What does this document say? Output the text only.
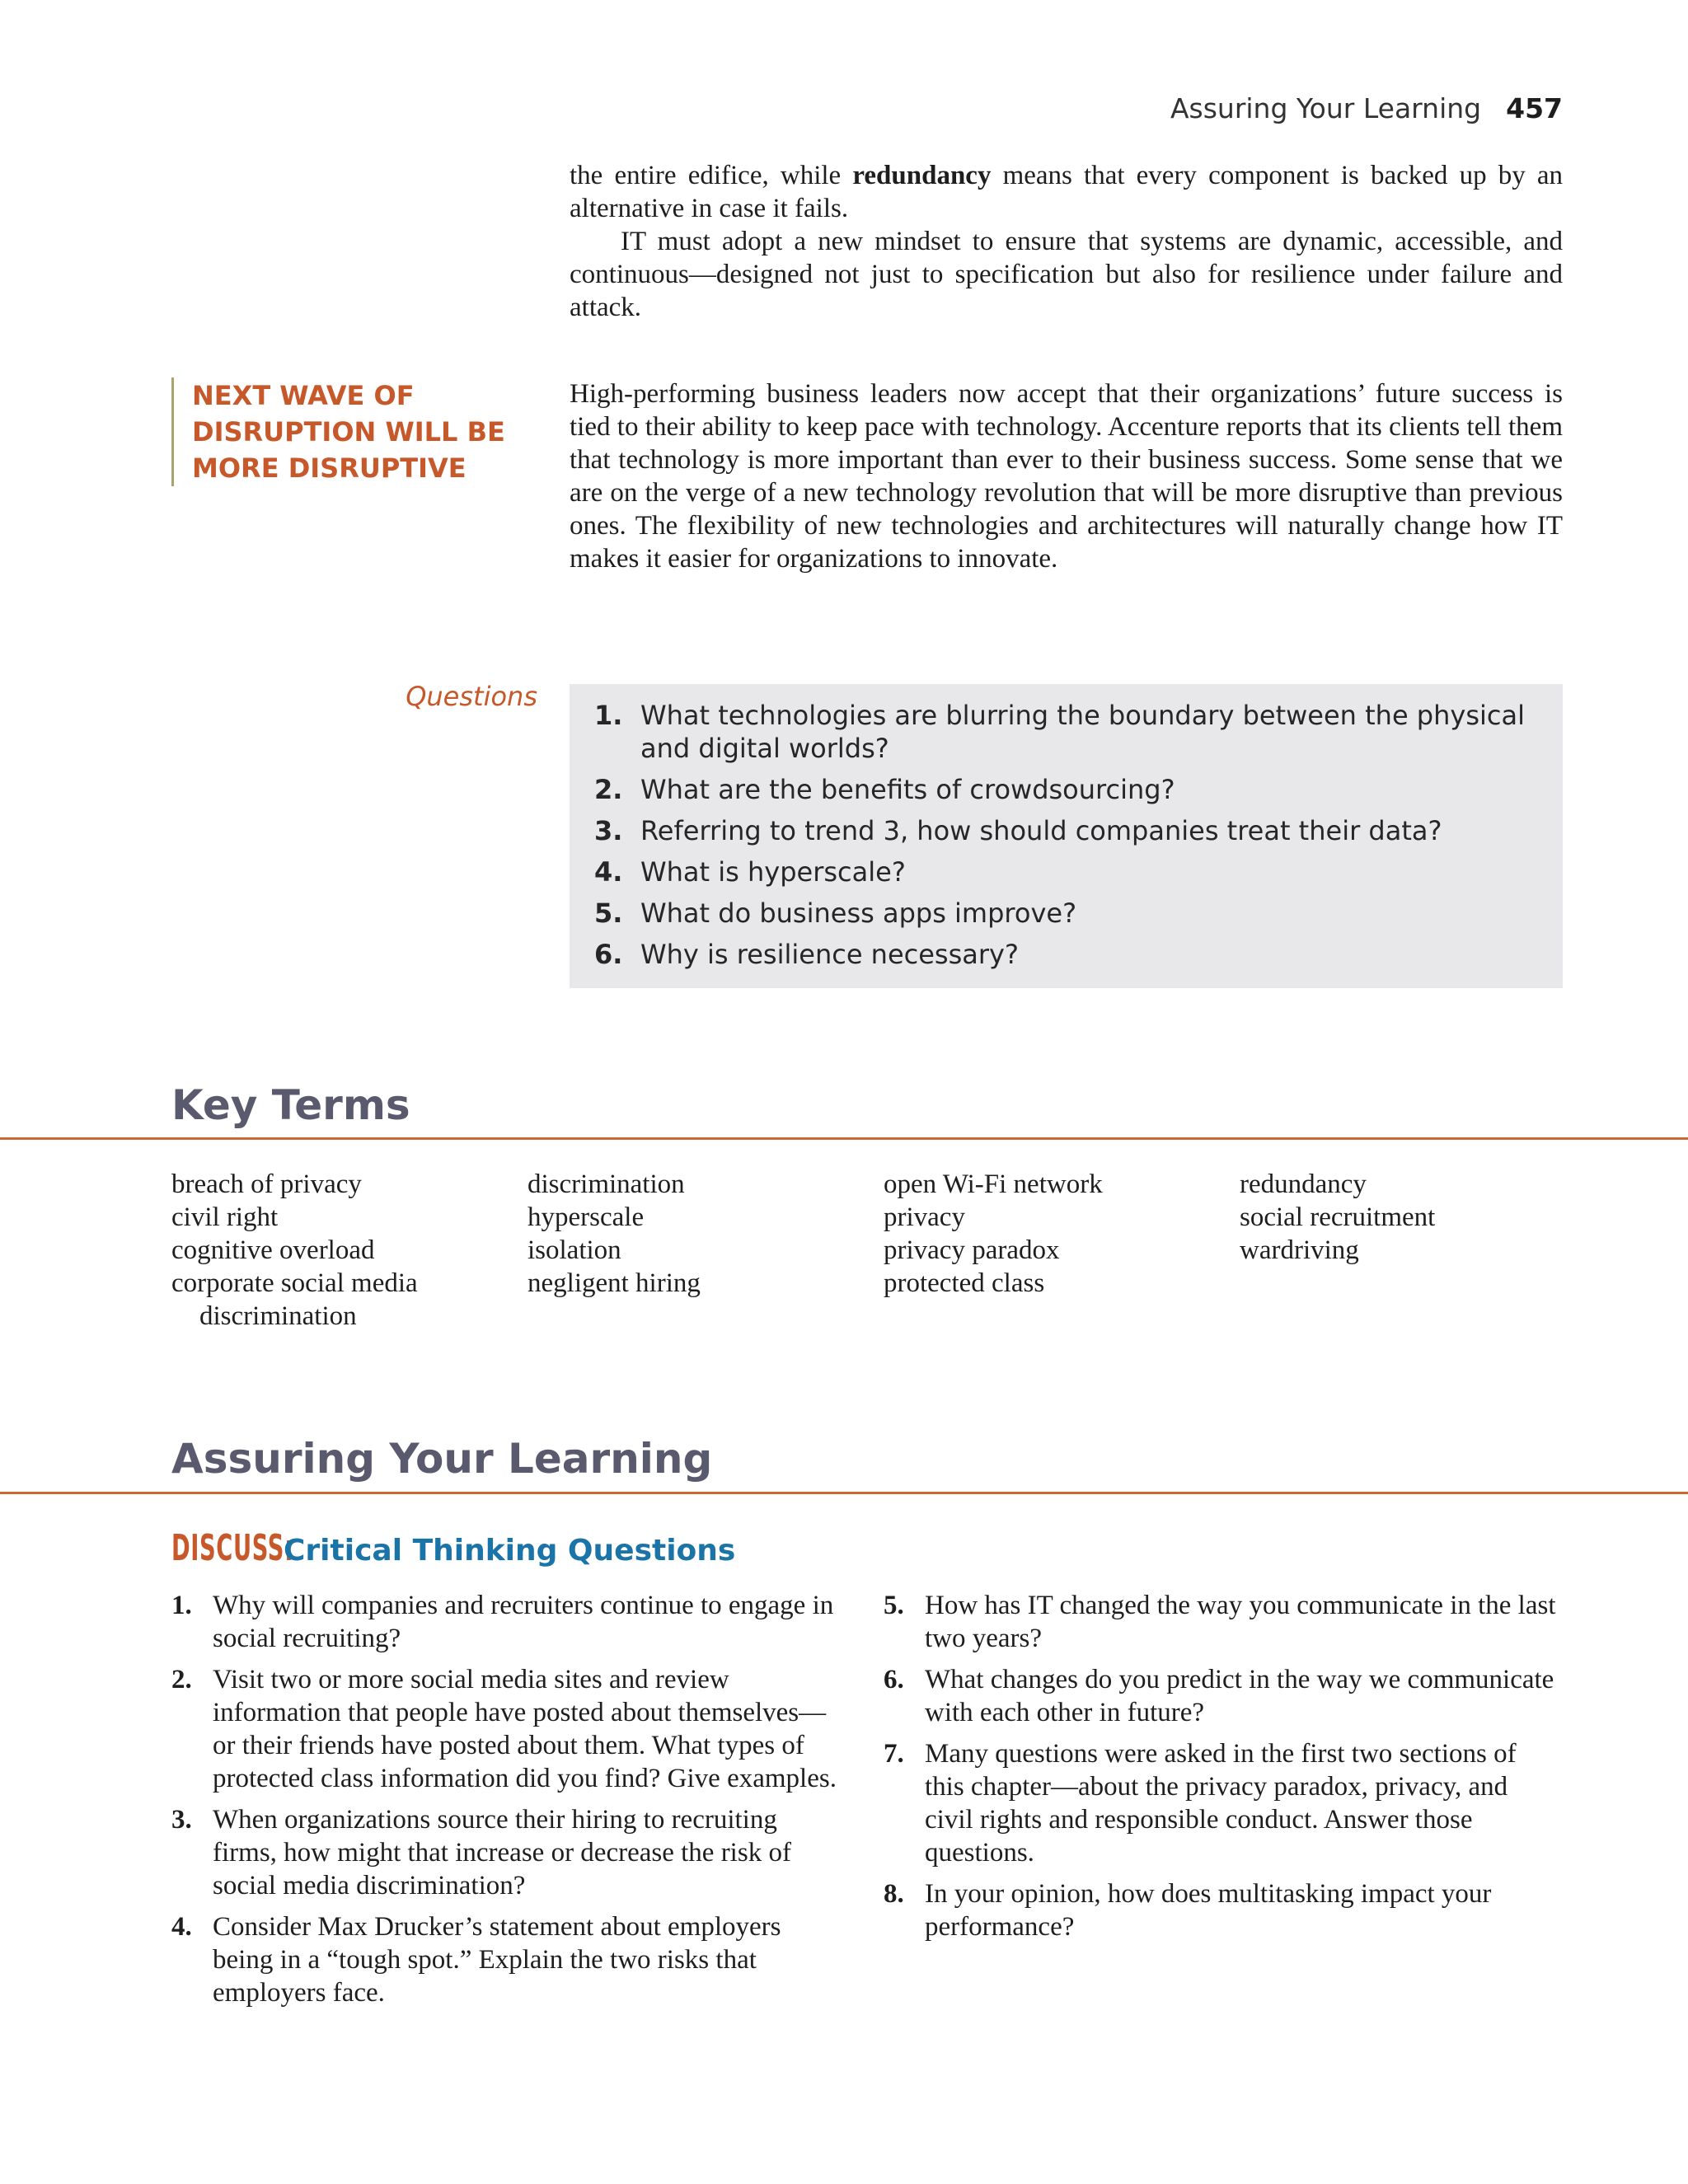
Assuring Your Learning 457

the entire edifice, while redundancy means that every component is backed up by an alternative in case it fails.

IT must adopt a new mindset to ensure that systems are dynamic, accessible, and continuous—designed not just to specification but also for resilience under failure and attack.

NEXT WAVE OF
DISRUPTION WILL BE
MORE DISRUPTIVE

High-performing business leaders now accept that their organizations’ future success is tied to their ability to keep pace with technology. Accenture reports that its clients tell them that technology is more important than ever to their business success. Some sense that we are on the verge of a new technology revolution that will be more disruptive than previous ones. The flexibility of new technologies and architectures will naturally change how IT makes it easier for organizations to innovate.

Questions
1. What technologies are blurring the boundary between the physical and digital worlds?
2. What are the benefits of crowdsourcing?
3. Referring to trend 3, how should companies treat their data?
4. What is hyperscale?
5. What do business apps improve?
6. Why is resilience necessary?
Key Terms
breach of privacy
civil right
cognitive overload
corporate social media
discrimination
discrimination
hyperscale
isolation
negligent hiring
open Wi-Fi network
privacy
privacy paradox
protected class
redundancy
social recruitment
wardriving
Assuring Your Learning
DISCUSS:
Critical Thinking Questions
1. Why will companies and recruiters continue to engage in social recruiting?
2. Visit two or more social media sites and review information that people have posted about themselves—or their friends have posted about them. What types of protected class information did you find? Give examples.
3. When organizations source their hiring to recruiting firms, how might that increase or decrease the risk of social media discrimination?
4. Consider Max Drucker’s statement about employers being in a “tough spot.” Explain the two risks that employers face.
5. How has IT changed the way you communicate in the last two years?
6. What changes do you predict in the way we communicate with each other in future?
7. Many questions were asked in the first two sections of this chapter—about the privacy paradox, privacy, and civil rights and responsible conduct. Answer those questions.
8. In your opinion, how does multitasking impact your performance?
